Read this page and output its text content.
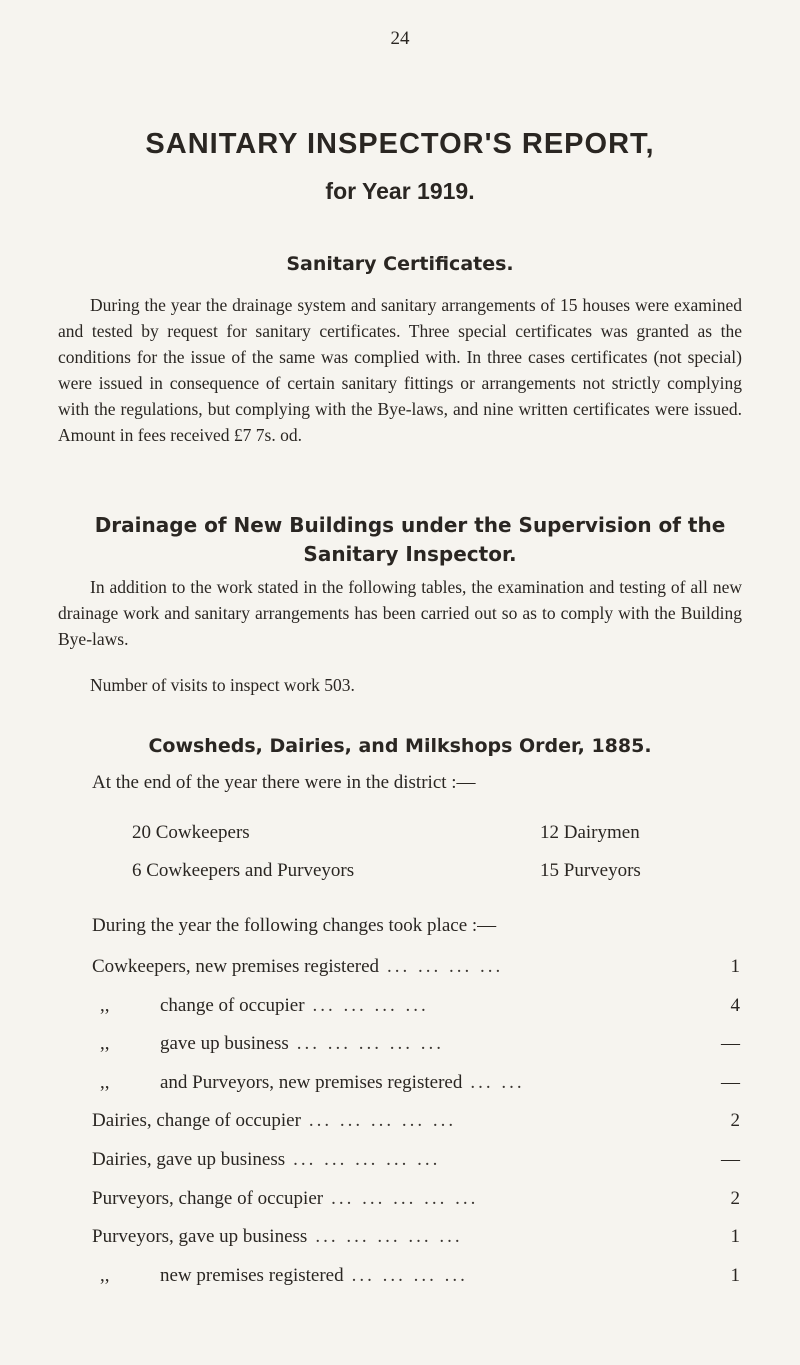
24
SANITARY INSPECTOR'S REPORT,
for Year 1919.
Sanitary Certificates.

During the year the drainage system and sanitary arrangements of 15 houses were examined and tested by request for sanitary certificates. Three special certificates was granted as the conditions for the issue of the same was complied with. In three cases certificates (not special) were issued in consequence of certain sanitary fittings or arrangements not strictly complying with the regulations, but complying with the Bye-laws, and nine written certificates were issued. Amount in fees received £7 7s. od.

Drainage of New Buildings under the Supervision of the Sanitary Inspector.

In addition to the work stated in the following tables, the examination and testing of all new drainage work and sanitary arrangements has been carried out so as to comply with the Building Bye-laws.

Number of visits to inspect work 503.

Cowsheds, Dairies, and Milkshops Order, 1885.
At the end of the year there were in the district :—
20 Cowkeepers	12 Dairymen
6 Cowkeepers and Purveyors	15 Purveyors
During the year the following changes took place :—
Cowkeepers, new premises registered ... ... ... ...	1
,,	change of occupier ... ... ... ...	4
,,	gave up business ... ... ... ... ...	—
,,	and Purveyors, new premises registered ... ...	—
Dairies, change of occupier ... ... ... ... ...	2
Dairies, gave up business ... ... ... ... ...	—
Purveyors, change of occupier ... ... ... ... ...	2
Purveyors, gave up business ... ... ... ... ...	1
,,	new premises registered ... ... ... ...	1
